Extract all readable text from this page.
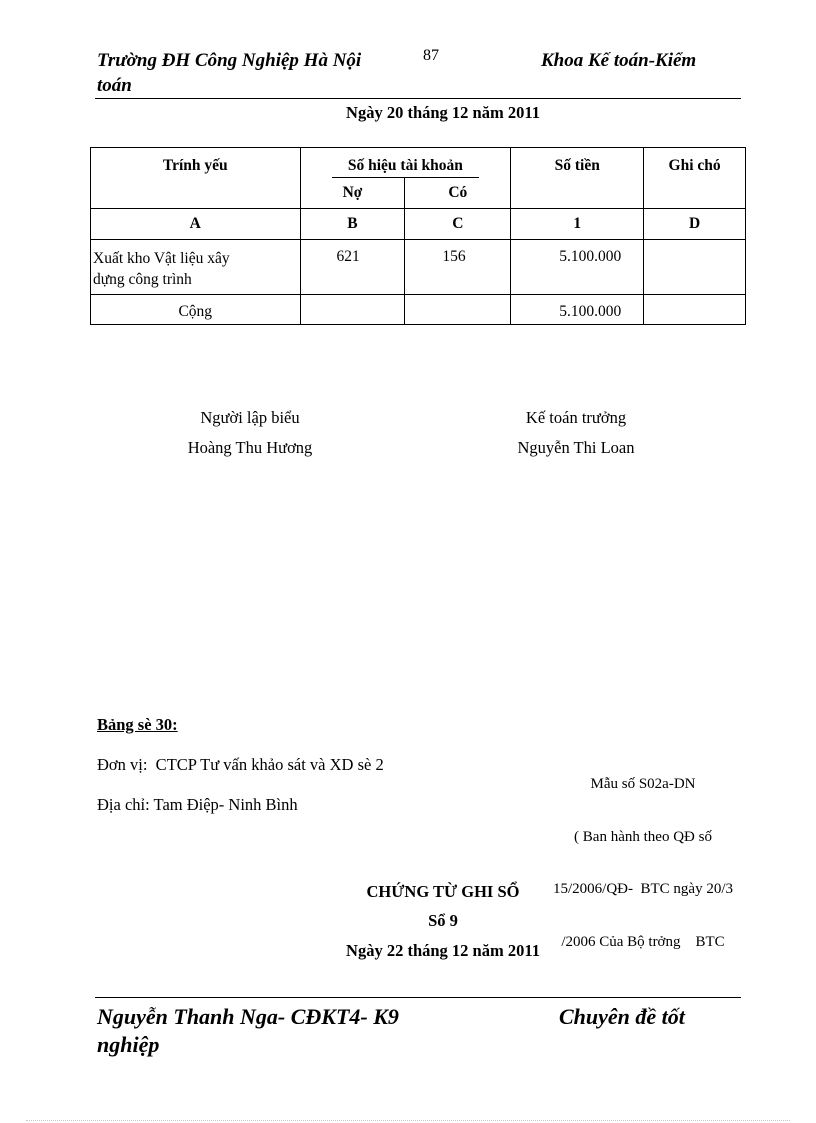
Trường ĐH Công Nghiệp Hà Nội
toán
87	Khoa Kế toán-Kiểm
Ngày 20 tháng 12 năm 2011
Trính yếu	Số hiệu tài khoản		Số tiền	Ghi chó
	Nợ	Có		
A	B	C	1	D

Xuất kho Vật liệu xây
dựng công trình	621	156	5.100.000	
Cộng			5.100.000	
Người lập biểu
Hoàng Thu Hương
Kế toán trưởng
Nguyễn Thi Loan
Bảng sè 30:
Đơn vị:  CTCP Tư vấn khảo sát và XD sè 2
Địa chỉ: Tam Điệp- Ninh Bình

Mẫu số S02a-DN

( Ban hành theo QĐ số

15/2006/QĐ-  BTC ngày 20/3

/2006 Của Bộ trởng    BTC

CHỨNG TỪ GHI SỔ
Sổ 9
Ngày 22 tháng 12 năm 2011
Nguyễn Thanh Nga- CĐKT4- K9
nghiệp
Chuyên đề tốt
